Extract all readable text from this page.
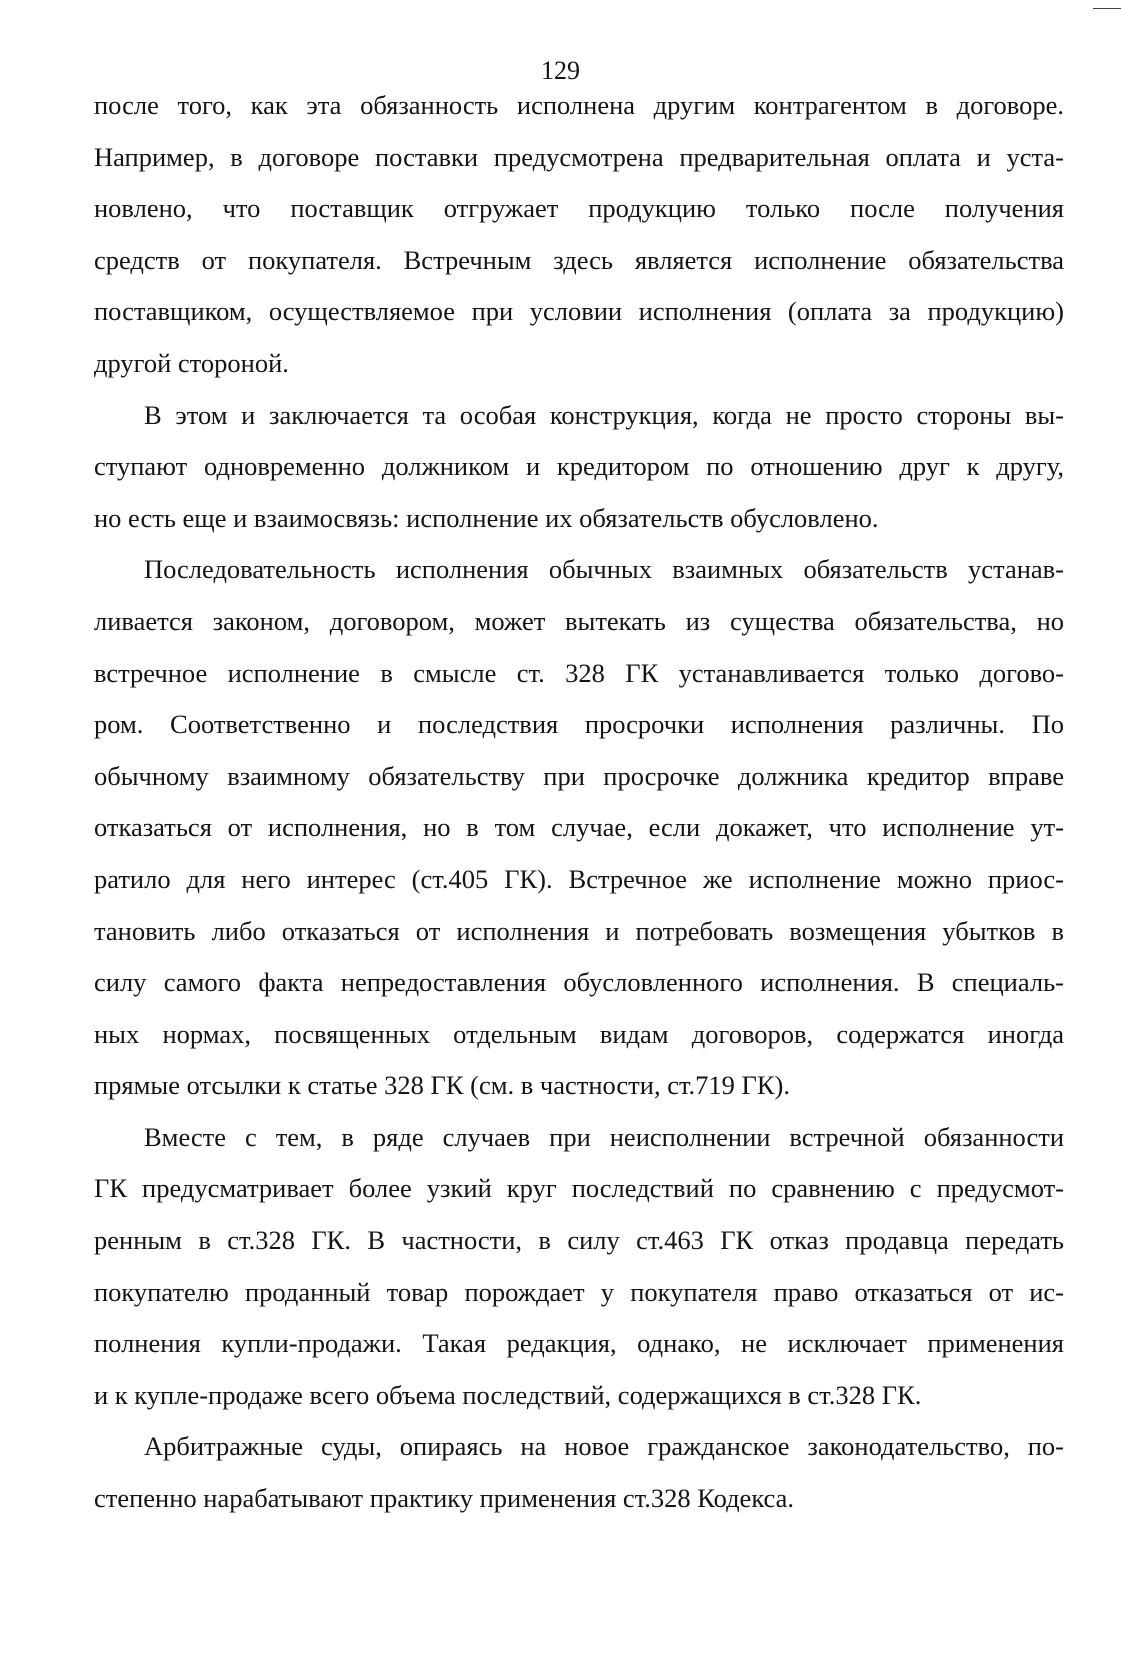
129
после того, как эта обязанность исполнена другим контрагентом в договоре.
Например, в договоре поставки предусмотрена предварительная оплата и уста-
новлено, что поставщик отгружает продукцию только после получения
средств от покупателя. Встречным здесь является исполнение обязательства
поставщиком, осуществляемое при условии исполнения (оплата за продукцию)
другой стороной.
В этом и заключается та особая конструкция, когда не просто стороны вы-
ступают одновременно должником и кредитором по отношению друг к другу,
но есть еще и взаимосвязь: исполнение их обязательств обусловлено.
Последовательность исполнения обычных взаимных обязательств устанав-
ливается законом, договором, может вытекать из существа обязательства, но
встречное исполнение в смысле ст. 328 ГК устанавливается только догово-
ром. Соответственно и последствия просрочки исполнения различны. По
обычному взаимному обязательству при просрочке должника кредитор вправе
отказаться от исполнения, но в том случае, если докажет, что исполнение ут-
ратило для него интерес (ст.405 ГК). Встречное же исполнение можно приос-
тановить либо отказаться от исполнения и потребовать возмещения убытков в
силу самого факта непредоставления обусловленного исполнения. В специаль-
ных нормах, посвященных отдельным видам договоров, содержатся иногда
прямые отсылки к статье 328 ГК (см. в частности, ст.719 ГК).
Вместе с тем, в ряде случаев при неисполнении встречной обязанности
ГК предусматривает более узкий круг последствий по сравнению с предусмот-
ренным в ст.328 ГК. В частности, в силу ст.463 ГК отказ продавца передать
покупателю проданный товар порождает у покупателя право отказаться от ис-
полнения купли-продажи. Такая редакция, однако, не исключает применения
и к купле-продаже всего объема последствий, содержащихся в ст.328 ГК.
Арбитражные суды, опираясь на новое гражданское законодательство, по-
степенно нарабатывают практику применения ст.328 Кодекса.
